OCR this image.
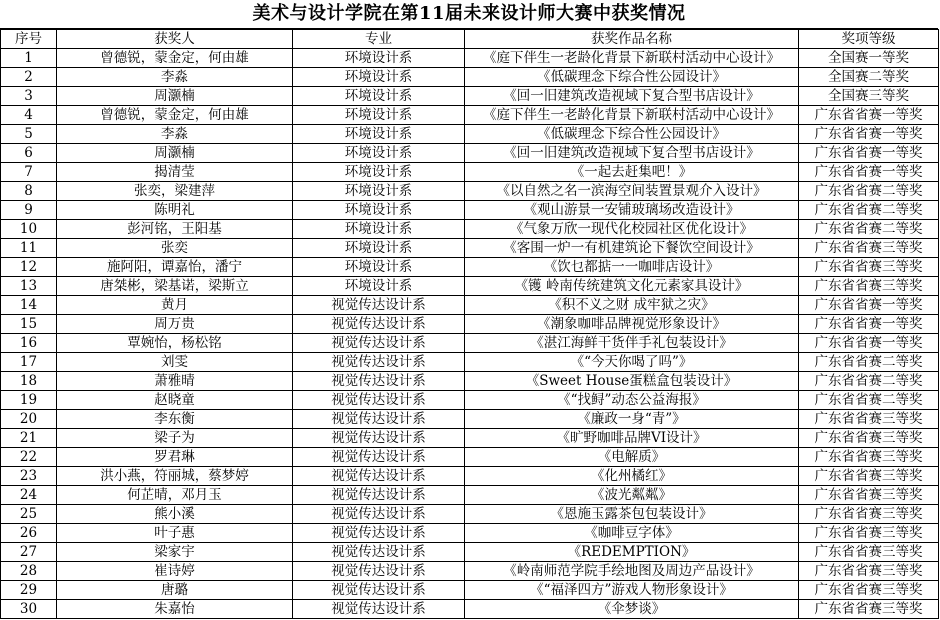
美术与设计学院在第11届未来设计师大赛中获奖情况
序号	获奖人	专业	获奖作品名称	奖项等级
1	曾德锐，蒙金定，何由雄	环境设计系	《庭下伴生一老龄化背景下新联村活动中心设计》	全国赛一等奖
2	李淼	环境设计系	《低碳理念下综合性公园设计》	全国赛二等奖
3	周灏楠	环境设计系	《回一旧建筑改造视域下复合型书店设计》	全国赛三等奖
4	曾德锐，蒙金定，何由雄	环境设计系	《庭下伴生一老龄化背景下新联村活动中心设计》	广东省省赛一等奖
5	李淼	环境设计系	《低碳理念下综合性公园设计》	广东省省赛一等奖
6	周灏楠	环境设计系	《回一旧建筑改造视域下复合型书店设计》	广东省省赛一等奖
7	揭清莹	环境设计系	《一起去赶集吧！》	广东省省赛一等奖
8	张奕，梁建萍	环境设计系	《以自然之名一滨海空间装置景观介入设计》	广东省省赛二等奖
9	陈明礼	环境设计系	《观山游景一安铺玻璃场改造设计》	广东省省赛二等奖
10	彭河铭，王阳基	环境设计系	《气象万欣一现代化校园社区优化设计》	广东省省赛二等奖
11	张奕	环境设计系	《客围一炉一有机建筑论下餐饮空间设计》	广东省省赛三等奖
12	施阿阳，谭嘉怡，潘宁	环境设计系	《饮乜都掂一一咖啡店设计》	广东省省赛三等奖
13	唐桀彬，梁基诺，梁斯立	环境设计系	《镬 岭南传统建筑文化元素家具设计》	广东省省赛三等奖
14	黄月	视觉传达设计系	《积不义之财 成牢狱之灾》	广东省省赛一等奖
15	周万贵	视觉传达设计系	《潮象咖啡品牌视觉形象设计》	广东省省赛一等奖
16	覃婉怡，杨松铭	视觉传达设计系	《湛江海鲜干货伴手礼包装设计》	广东省省赛一等奖
17	刘雯	视觉传达设计系	《“今天你喝了吗”》	广东省省赛二等奖
18	萧雅晴	视觉传达设计系	《Sweet House蛋糕盒包装设计》	广东省省赛二等奖
19	赵晓童	视觉传达设计系	《“找鲟”动态公益海报》	广东省省赛二等奖
20	李东衡	视觉传达设计系	《廉政一身“青”》	广东省省赛三等奖
21	梁子为	视觉传达设计系	《旷野咖啡品牌VI设计》	广东省省赛三等奖
22	罗君琳	视觉传达设计系	《电解质》	广东省省赛三等奖
23	洪小燕，符丽城，蔡梦婷	视觉传达设计系	《化州橘红》	广东省省赛三等奖
24	何芷晴，邓月玉	视觉传达设计系	《波光粼粼》	广东省省赛三等奖
25	熊小溪	视觉传达设计系	《恩施玉露茶包包装设计》	广东省省赛三等奖
26	叶子惠	视觉传达设计系	《咖啡豆字体》	广东省省赛三等奖
27	梁家宇	视觉传达设计系	《REDEMPTION》	广东省省赛三等奖
28	崔诗婷	视觉传达设计系	《岭南师范学院手绘地图及周边产品设计》	广东省省赛三等奖
29	唐璐	视觉传达设计系	《“福泽四方”游戏人物形象设计》	广东省省赛三等奖
30	朱嘉怡	视觉传达设计系	《伞梦谈》	广东省省赛三等奖
